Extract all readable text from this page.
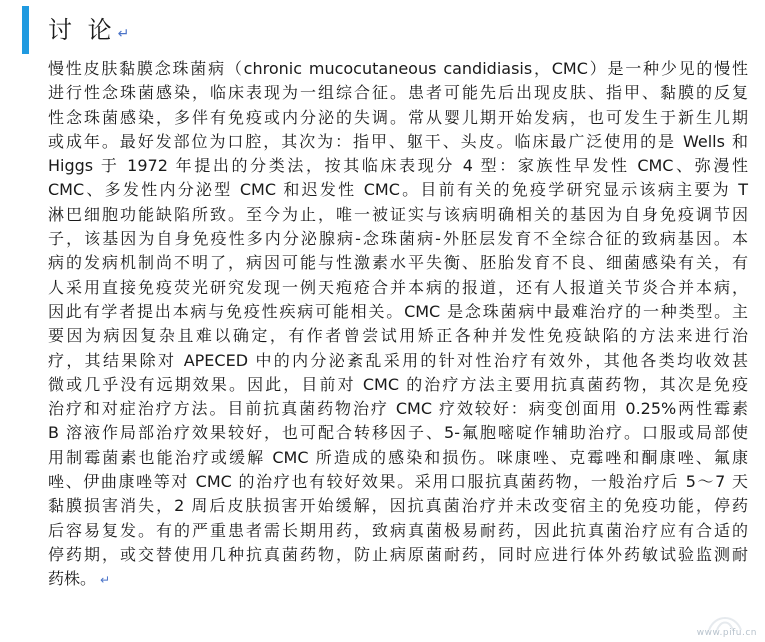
讨 论 ↵
慢性皮肤黏膜念珠菌病（chronic mucocutaneous candidiasis，CMC）是一种少见的慢性
进行性念珠菌感染，临床表现为一组综合征。患者可能先后出现皮肤、指甲、黏膜的反复
性念珠菌感染，多伴有免疫或内分泌的失调。常从婴儿期开始发病，也可发生于新生儿期
或成年。最好发部位为口腔，其次为：指甲、躯干、头皮。临床最广泛使用的是 Wells 和
Higgs 于 1972 年提出的分类法，按其临床表现分 4 型：家族性早发性 CMC、弥漫性
CMC、多发性内分泌型 CMC 和迟发性 CMC。目前有关的免疫学研究显示该病主要为 T
淋巴细胞功能缺陷所致。至今为止，唯一被证实与该病明确相关的基因为自身免疫调节因
子，该基因为自身免疫性多内分泌腺病-念珠菌病-外胚层发育不全综合征的致病基因。本
病的发病机制尚不明了，病因可能与性激素水平失衡、胚胎发育不良、细菌感染有关，有
人采用直接免疫荧光研究发现一例天疱疮合并本病的报道，还有人报道关节炎合并本病，
因此有学者提出本病与免疫性疾病可能相关。CMC 是念珠菌病中最难治疗的一种类型。主
要因为病因复杂且难以确定，有作者曾尝试用矫正各种并发性免疫缺陷的方法来进行治
疗，其结果除对 APECED 中的内分泌紊乱采用的针对性治疗有效外，其他各类均收效甚
微或几乎没有远期效果。因此，目前对 CMC 的治疗方法主要用抗真菌药物，其次是免疫
治疗和对症治疗方法。目前抗真菌药物治疗 CMC 疗效较好：病变创面用 0.25%两性霉素
B 溶液作局部治疗效果较好，也可配合转移因子、5-氟胞嘧啶作辅助治疗。口服或局部使
用制霉菌素也能治疗或缓解 CMC 所造成的感染和损伤。咪康唑、克霉唑和酮康唑、氟康
唑、伊曲康唑等对 CMC 的治疗也有较好效果。采用口服抗真菌药物，一般治疗后 5～7 天
黏膜损害消失，2 周后皮肤损害开始缓解，因抗真菌治疗并未改变宿主的免疫功能，停药
后容易复发。有的严重患者需长期用药，致病真菌极易耐药，因此抗真菌治疗应有合适的
停药期，或交替使用几种抗真菌药物，防止病原菌耐药，同时应进行体外药敏试验监测耐
药株。 ↵
www.pifu.cn
